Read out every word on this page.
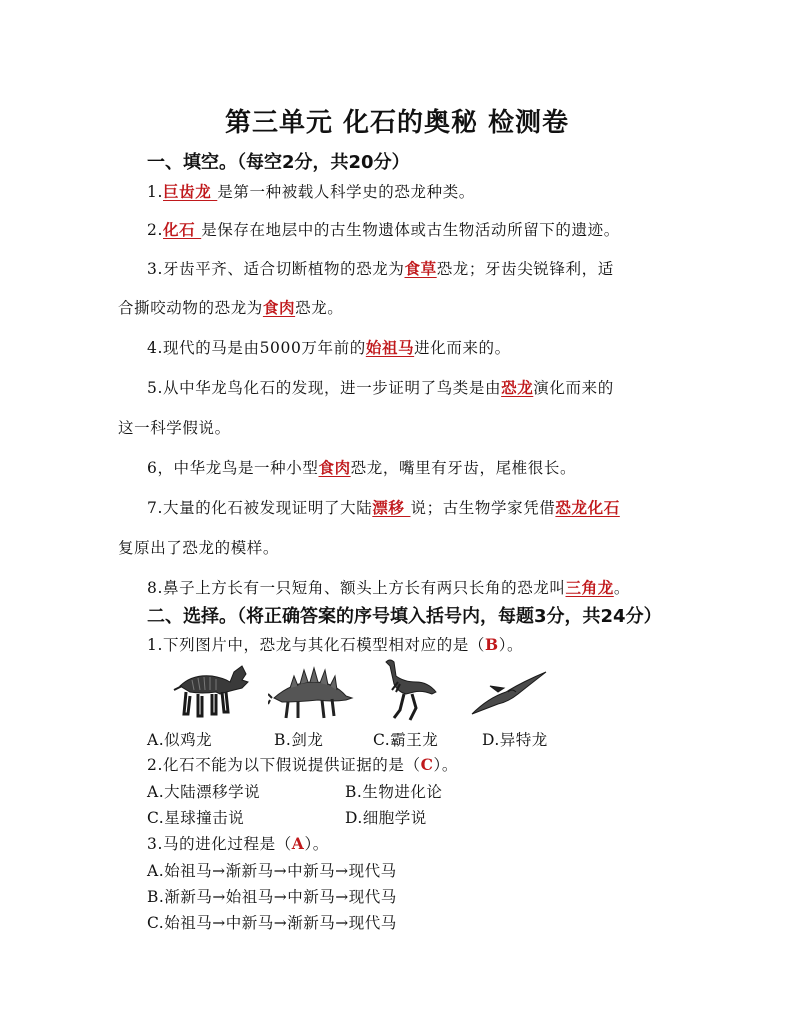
第三单元 化石的奥秘 检测卷
一、填空。（每空2分，共20分）
1.巨齿龙 是第一种被载人科学史的恐龙种类。
2.化石 是保存在地层中的古生物遗体或古生物活动所留下的遗迹。
3.牙齿平齐、适合切断植物的恐龙为食草恐龙；牙齿尖锐锋利，适
合撕咬动物的恐龙为食肉恐龙。
4.现代的马是由5000万年前的始祖马进化而来的。
5.从中华龙鸟化石的发现，进一步证明了鸟类是由恐龙演化而来的
这一科学假说。
6，中华龙鸟是一种小型食肉恐龙，嘴里有牙齿，尾椎很长。
7.大量的化石被发现证明了大陆漂移 说；古生物学家凭借恐龙化石
复原出了恐龙的模样。
8.鼻子上方长有一只短角、额头上方长有两只长角的恐龙叫三角龙。
二、选择。（将正确答案的序号填入括号内，每题3分，共24分）
1.下列图片中，恐龙与其化石模型相对应的是（B）。
A.似鸡龙	B.剑龙	C.霸王龙	D.异特龙
2.化石不能为以下假说提供证据的是（C）。
A.大陆漂移学说	B.生物进化论
C.星球撞击说	D.细胞学说
3.马的进化过程是（A）。
A.始祖马→渐新马→中新马→现代马
B.渐新马→始祖马→中新马→现代马
C.始祖马→中新马→渐新马→现代马
